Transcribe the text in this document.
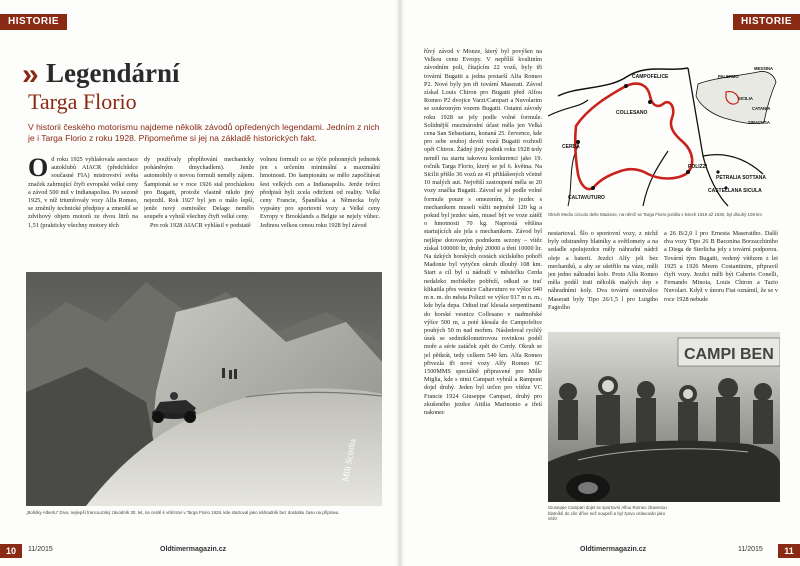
HISTORIE
» Legendární
Targa Florio
V historii českého motorismu najdeme několik závodů opředených legendami. Jedním z nich je i Targa Florio z roku 1928. Připomeňme si jej na základě historických fakt.
O d roku 1925 vyhlašovala asociace autoklubů AIACR (předchůdce současné FIA) mistrovství světa značek zahrnující čtyři evropské velké ceny a závod 500 mil v Indianapolisu. Po sezoně 1925, v níž triumfovaly vozy Alfa Romeo, se změnily technické předpisy a zmenšil se zdvihový objem motorů ze dvou litrů na 1,51 (prakticky všechny motory těch

dy používaly přeplňování mechanicky poháněným dmychadlem). Jenže automobily o novou formuli neměly zájem. Šampionát se v roce 1926 stal procházkou pro Bugatti, protože vlastně nikdo jiný nejezdil. Rok 1927 byl jen o málo lepší, jenže nový osmiválec Delage nemělo soupeře a vyhrál všechny čtyři velké ceny.

Pro rok 1928 AIACR vyhlásil v podstatě

volnou formuli co se týče pohonných jednotek jen s určením minimální a maximální hmotnosti. Do šampionátu se mělo započítávat šest velkých cen a Indianapolis. Jenže tvůrci předpisů byli zcela odtrženi od reality. Velké ceny Francie, Španělska a Německa byly vypsány pro sportovní vozy a Velké ceny Evropy v Brooklands a Belgie se nejely vůbec. Jedinou velkou cenou roku 1928 byl závod

Mili Scirdia
„Bolídky Albertu“ Divo, nejlepší francouzský závodník 30. let, na cestě k vítězství v Targa Florio 1928, kde startoval jako náhradník bez dostatku času na přípravu.
10	11/2015	Oldtimermagazin.cz
HISTORIE

řůvý závod v Monze, který byl povýšen na Velkou cenu Evropy. V nepřílíš kvalitním závodním poli, čítajícím 22 vozů, byly tři tovární Bugatti a jedna postarší Alfa Romeo P2. Nové byly jen tři tovární Maserati. Závod získal Louis Chiron pro Bugatti před Alfou Romeo P2 dvojice Varzi/Campari a Nuvolarim se soukromým vozem Bugatti. Ostatní závody roku 1928 se jely podle volné formule. Solidnější mezinárodní účast měla jen Velká cena San Sebastianu, konaná 25. července, kde pro sebe souboj devíti vozů Bugatti rozhodl opět Chiron. Žádný jiný podnik roku 1928 tedy neměl na startu takovou konkurenci jako 19. ročník Targa Florio, který se jel 6. května. Na Sicílii přišlo 36 vozů ze 41 přihlášených včetně 10 malých aut. Největší zastoupení měla se 20 vozy značka Bugatti. Závod se jel podle volné formule pouze s omezením, že jezdec s mechanikem museli vážit nejméně 120 kg a pokud byl jezdec sám, musel být ve voze zátěž o hmotnosti 70 kg. Naprostá většina startujících ale jela s mechanikem. Závod byl nejlépe dotovaným podnikem sezony – vítěz získal 100000 lir, druhý 20000 a třetí 10000 lir. Na úzkých horských cestách sicilského pohoří Madonie byl vytyčen okruh dlouhý 108 km. Start a cíl byl u nádraží v městečku Cerda nedaleko mořského pobřeží, odkud se trať klikatila přes vesnice Caltavuturo ve výšce 640 m n. m. do města Polizzi ve výšce 917 m n. m., kde byla depa. Odtud trať klesala serpentinami do horské vesnice Collesano v nadmořské výšce 500 m, a poté klesala do Campofelice pouhých 50 m nad mořem. Následoval rychlý úsek se sedmikilometrovou rovinkou podél moře a série zatáček zpět do Cerdy. Okruh se jel pětkrát, tedy celkem 540 km. Alfa Romeo přivezla tři nové vozy Alfy Romeo 6C 1500MMS speciálně připravené pro Mille Miglia, kde s nimi Campari vyhrál a Ramponi dojel druhý. Jeden byl určen pro vítěze VC Francie 1924 Giuseppe Campari, druhý pro zkušeného jezdce Attilia Marinonio a třetí nakonec

CAMPOFELICE
COLLESANO
CERDA
CALTAVUTURO
POLIZZI
PETRALIA SOTTANA
CASTELLANA SICULA
PALERMO
MESSINA
SICILIA
CATANIA
SIRACUSA
Okruh Medio circuito delle Madonie, na němž se Targa Florio jezdila v letech 1919 až 1930, byl dlouhý 108 km

nestartoval. Šlo o sportovní vozy, z nichž byly odstraněny blatníky a světlomety a na sedadle spolujezdce měly náhradní nádrž oleje a baterii. Jezdci Alfy jeli bez mechaniků, a aby se ušetřilo na váze, měli jen jedno náhradní kolo. Proto Alfa Romeo měla podél trati několik malých dep s náhradními koly. Dva tovární osmiválce Maserati byly Tipo 26/1,5 l pro Luigiho Fagiolho

a 26 B/2,0 l pro Ernesta Maseratiho. Další dva vozy Tipo 26 B Baconina Borzacchiniho a Diega de Sterlicha jely s tovární podporou. Tovární tým Bugatti, vedený vítězem z let 1925 a 1926 Meem Costantinim, připravil čtyři vozy. Jezdci měli být Caberto Conelli, Fernando Minoia, Louis Chiron a Tazio Nuvolari. Když v únoru Fiat oznámil, že se v roce 1928 nebude

CAMPI BEN
Giuseppe Campari dojel se sportovní Alfou Romeo zbavenou blatníků do cíle dříve než soupeři a byl zprvu oslavován jako vítěz
Oldtimermagazin.cz	11/2015	11
